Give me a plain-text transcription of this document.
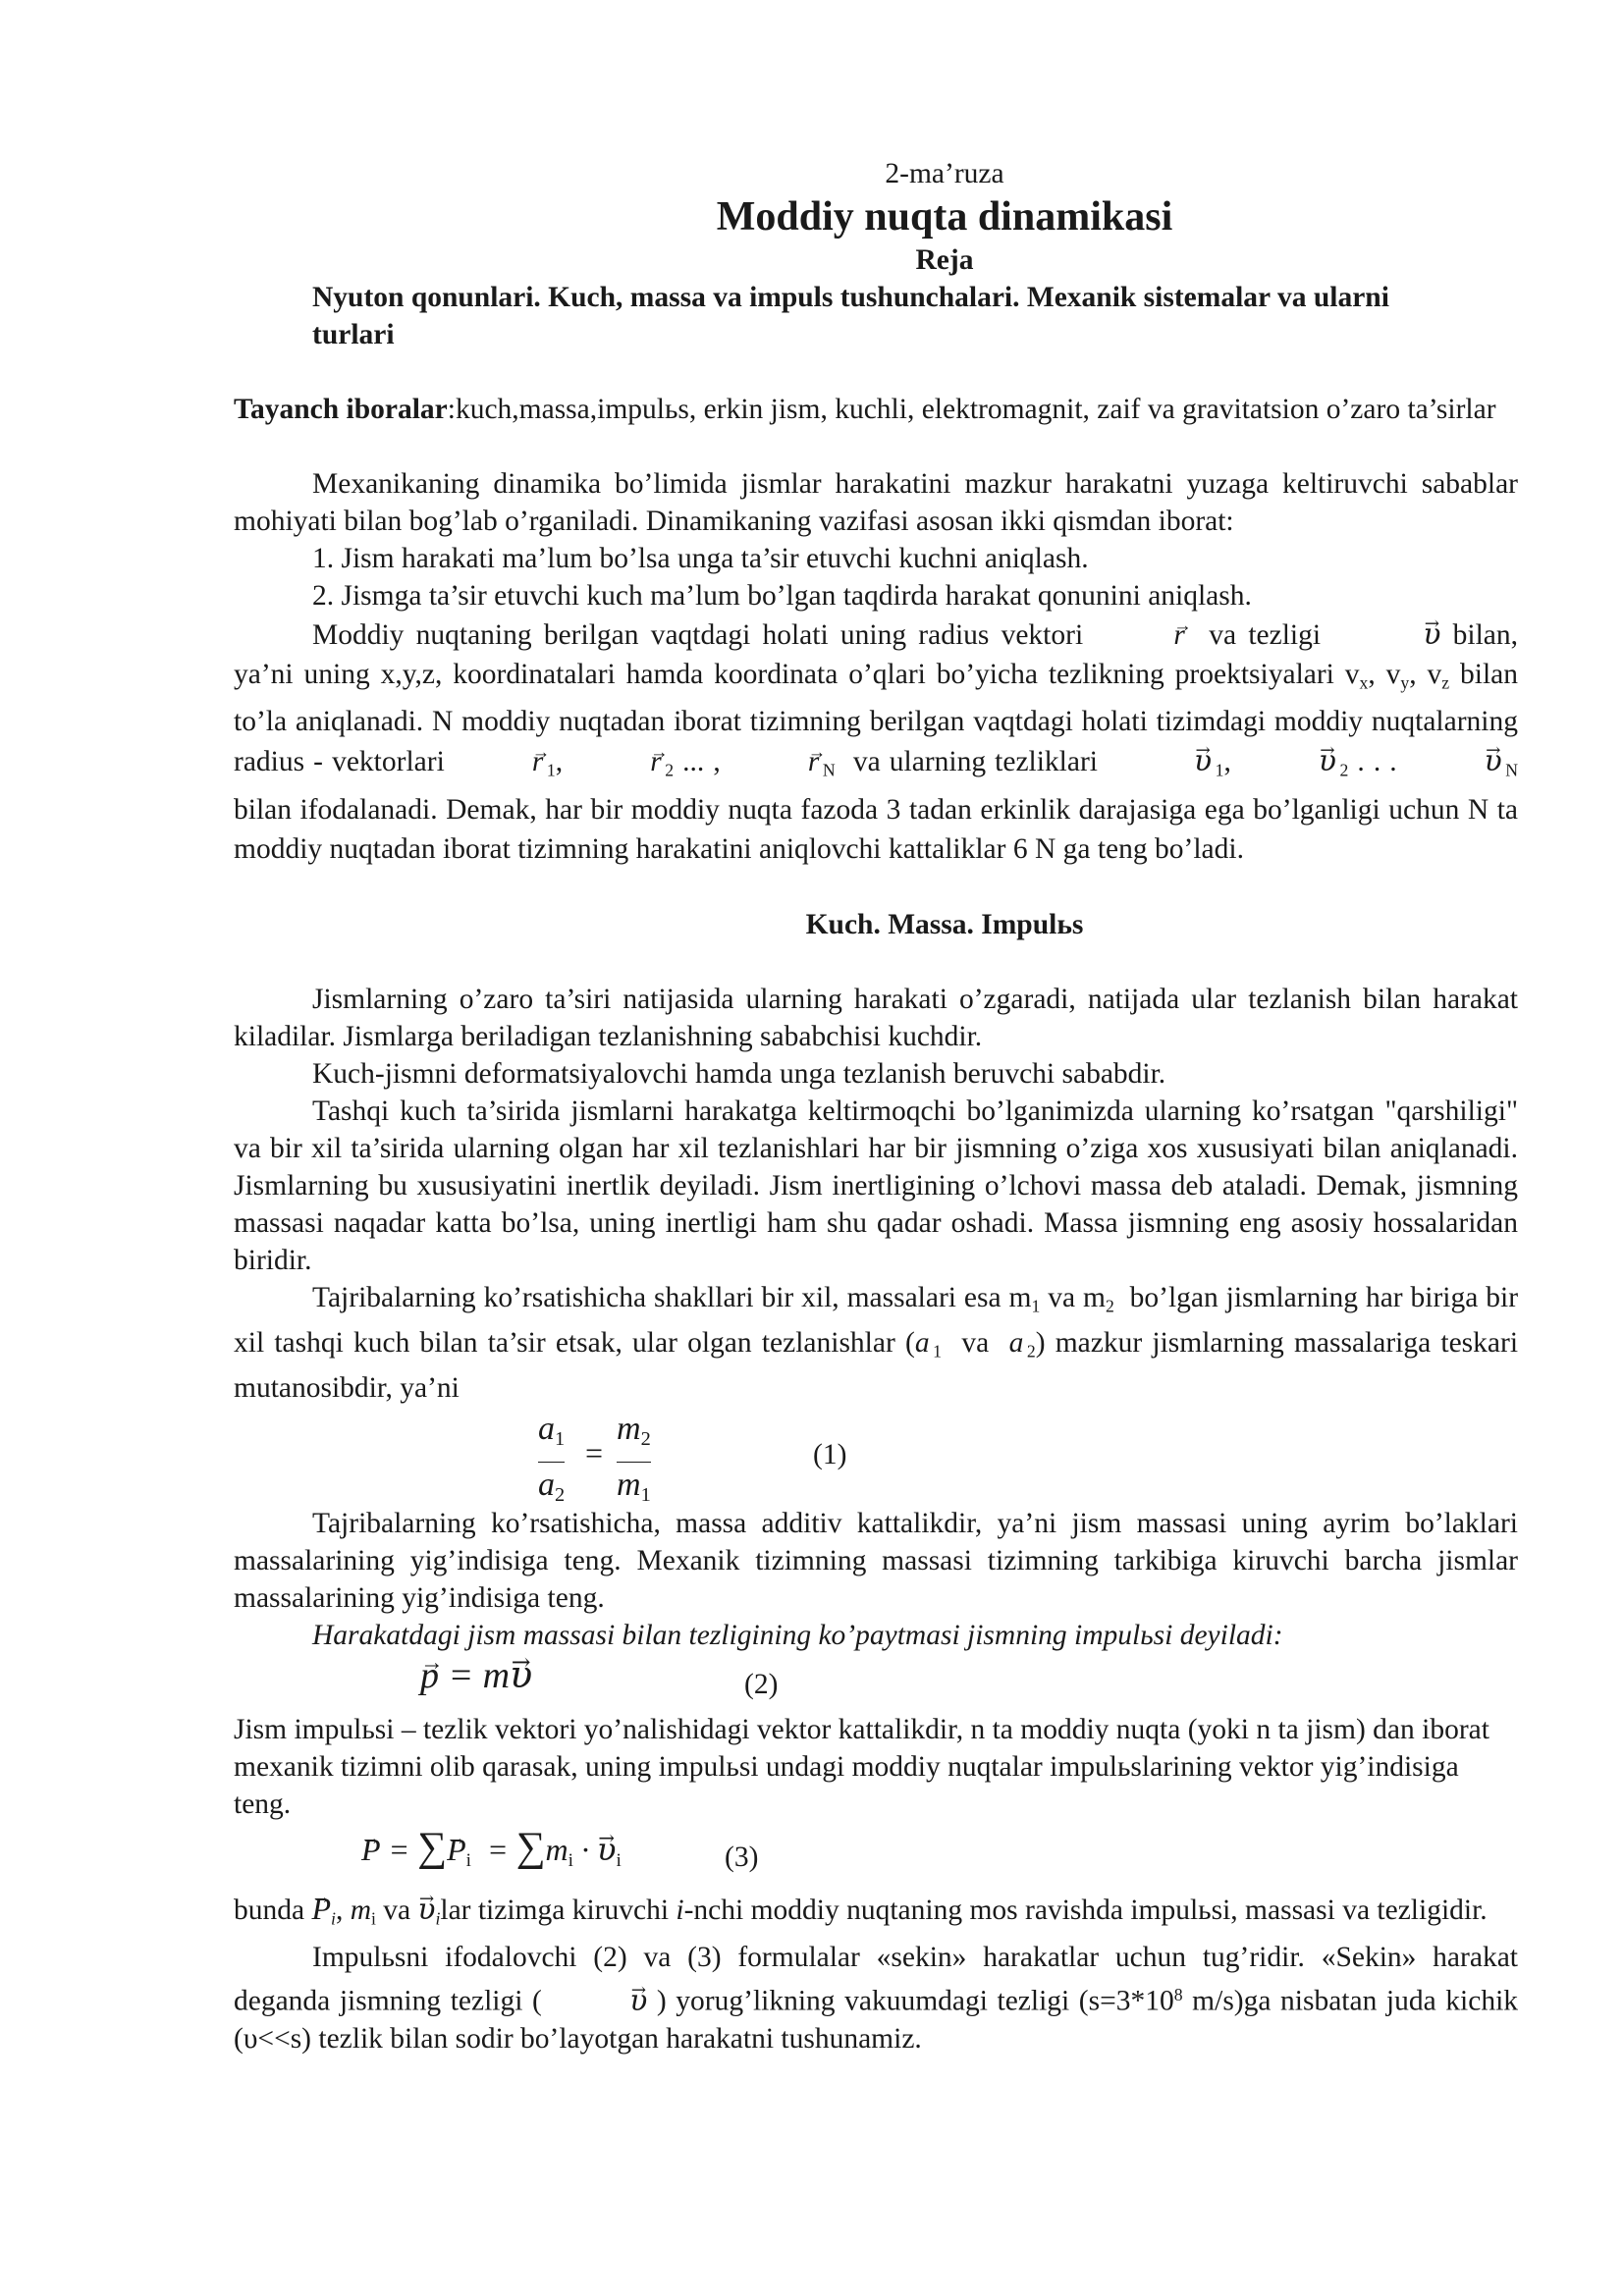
2-ma’ruza
Moddiy nuqta dinamikasi
Reja
Nyuton qonunlari. Kuch, massa va impuls tushunchalari. Mexanik sistemalar va ularni turlari

Tayanch iboralar:kuch,massa,impulьs, erkin jism, kuchli, elektromagnit, zaif va gravitatsion o’zaro ta’sirlar

Mexanikaning dinamika bo’limida jismlar harakatini mazkur harakatni yuzaga keltiruvchi sabablar mohiyati bilan bog’lab o’rganiladi. Dinamikaning vazifasi asosan ikki qismdan iborat:

1. Jism harakati ma’lum bo’lsa unga ta’sir etuvchi kuchni aniqlash.

2. Jismga ta’sir etuvchi kuch ma’lum bo’lgan taqdirda harakat qonunini aniqlash.

Moddiy nuqtaning berilgan vaqtdagi holati uning radius vektori	→ r va tezligi	→ υ bilan, ya’ni uning x,y,z, koordinatalari hamda koordinata o’qlari bo’yicha tezlikning proektsiyalari $v_x$, $v_y$, $v_z$ bilan to’la aniqlanadi. N moddiy nuqtadan iborat tizimning berilgan vaqtdagi holati tizimdagi moddiy nuqtalarning radius - vektorlari	→ r $_1$,	→ r $_2$ ... ,	→ r $_N$ va ularning tezliklari	→ υ $_1$,	→ υ $_2$ . . .	→ υ $_N$ bilan ifodalanadi. Demak, har bir moddiy nuqta fazoda 3 tadan erkinlik darajasiga ega bo’lganligi uchun N ta moddiy nuqtadan iborat tizimning harakatini aniqlovchi kattaliklar 6 N ga teng bo’ladi.

Kuch. Massa. Impulьs

Jismlarning o’zaro ta’siri natijasida ularning harakati o’zgaradi, natijada ular tezlanish bilan harakat kiladilar. Jismlarga beriladigan tezlanishning sababchisi kuchdir.

Kuch-jismni deformatsiyalovchi hamda unga tezlanish beruvchi sababdir.

Tashqi kuch ta’sirida jismlarni harakatga keltirmoqchi bo’lganimizda ularning ko’rsatgan "qarshiligi" va bir xil ta’sirida ularning olgan har xil tezlanishlari har bir jismning o’ziga xos xususiyati bilan aniqlanadi. Jismlarning bu xususiyatini inertlik deyiladi. Jism inertligining o’lchovi massa deb ataladi. Demak, jismning massasi naqadar katta bo’lsa, uning inertligi ham shu qadar oshadi. Massa jismning eng asosiy hossalaridan biridir.

Tajribalarning ko’rsatishicha shakllari bir xil, massalari esa $m_1$ va $m_2$ bo’lgan jismlarning har biriga bir xil tashqi kuch bilan ta’sir etsak, ular olgan tezlanishlar (a $_1$ va a $_2$) mazkur jismlarning massalariga teskari mutanosibdir, ya’ni

$a_1$
$a_2$
=
$m_2$
$m_1$
(1)

Tajribalarning ko’rsatishicha, massa additiv kattalikdir, ya’ni jism massasi uning ayrim bo’laklari massalarining yig’indisiga teng. Mexanik tizimning massasi tizimning tarkibiga kiruvchi barcha jismlar massalarining yig’indisiga teng.

Harakatdagi jism massasi bilan tezligining ko’paytmasi jismning impulьsi deyiladi:

→ p = m→ υ	(2)

Jism impulьsi – tezlik vektori yo’nalishidagi vektor kattalikdir, n ta moddiy nuqta (yoki n ta jism) dan iborat mexanik tizimni olib qarasak, uning impulьsi undagi moddiy nuqtalar impulьslarining vektor yig’indisiga teng.

→ P = ∑→ $P_i = \sum m_i$ · → $\upsilon_i$	(3)

bunda → $P_i$, $m_i$ va → $\upsilon_ilar$ tizimga kiruvchi i-nchi moddiy nuqtaning mos ravishda impulьsi, massasi va tezligidir.

Impulьsni ifodalovchi (2) va (3) formulalar «sekin» harakatlar uchun tug’ridir. «Sekin» harakat deganda jismning tezligi (	→ υ ) yorug’likning vakuumdagi tezligi ($s=3*10^8$ m/s)ga nisbatan juda kichik (υ<<s) tezlik bilan sodir bo’layotgan harakatni tushunamiz.
